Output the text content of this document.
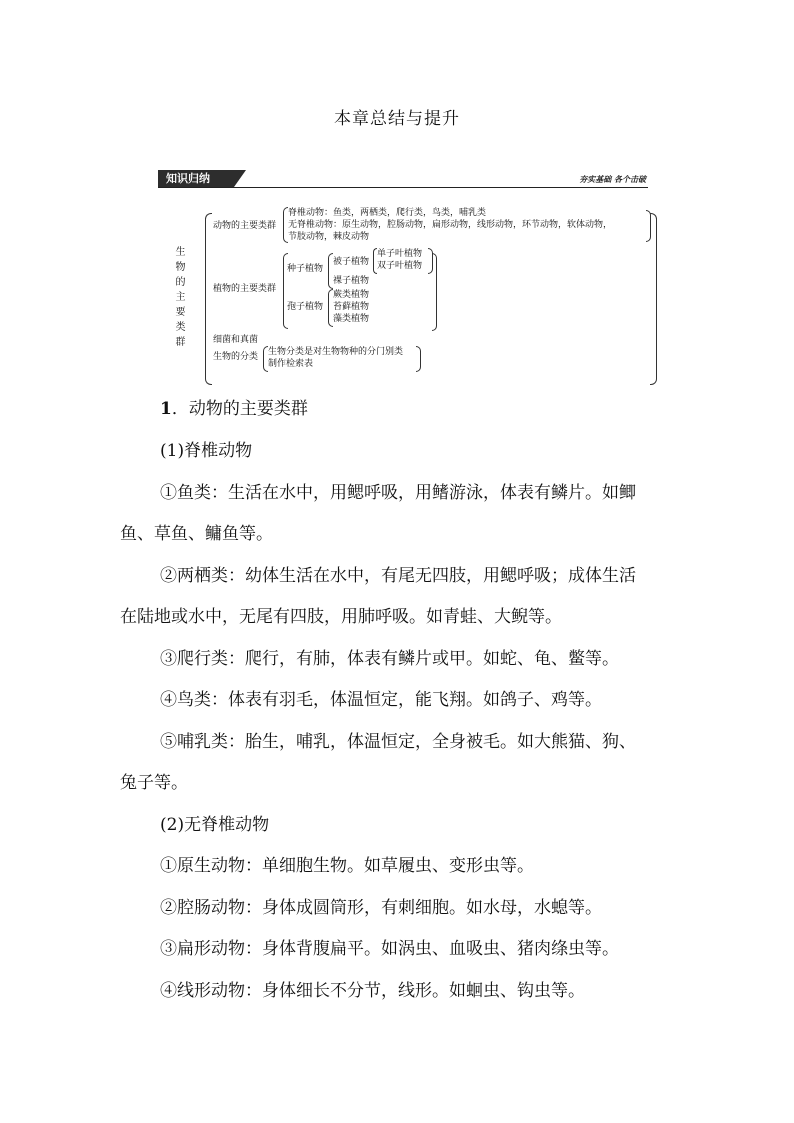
本章总结与提升
知识归纳	夯实基础 各个击破
生物的主要类群
动物的主要类群
脊椎动物：鱼类，两栖类，爬行类，鸟类，哺乳类
无脊椎动物：原生动物，腔肠动物，扁形动物，线形动物，环节动物，软体动物，
节肢动物，棘皮动物
植物的主要类群
种子植物
被子植物
单子叶植物
双子叶植物
裸子植物
孢子植物
蕨类植物
苔藓植物
藻类植物
细菌和真菌
生物的分类 生物分类是对生物物种的分门别类
制作检索表
1．动物的主要类群
(1)脊椎动物
①鱼类：生活在水中，用鳃呼吸，用鳍游泳，体表有鳞片。如鲫
鱼、草鱼、鳙鱼等。
②两栖类：幼体生活在水中，有尾无四肢，用鳃呼吸；成体生活
在陆地或水中，无尾有四肢，用肺呼吸。如青蛙、大鲵等。
③爬行类：爬行，有肺，体表有鳞片或甲。如蛇、龟、鳖等。
④鸟类：体表有羽毛，体温恒定，能飞翔。如鸽子、鸡等。
⑤哺乳类：胎生，哺乳，体温恒定，全身被毛。如大熊猫、狗、
兔子等。
(2)无脊椎动物
①原生动物：单细胞生物。如草履虫、变形虫等。
②腔肠动物：身体成圆筒形，有刺细胞。如水母，水螅等。
③扁形动物：身体背腹扁平。如涡虫、血吸虫、猪肉绦虫等。
④线形动物：身体细长不分节，线形。如蛔虫、钩虫等。
